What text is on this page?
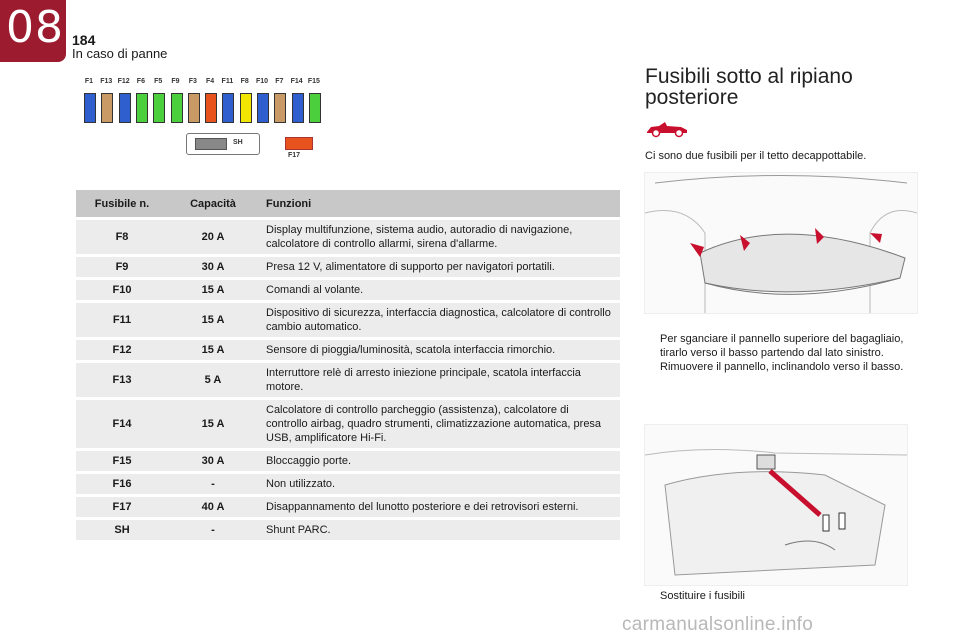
08 184
In caso di panne
SH
F17
F1	F13 F12	F6	F5	F9	F3	F4	F11	F8	F10	F7	F14 F15
Fusibile n.	Capacità	Funzioni
F8	20 A	Display multifunzione, sistema audio, autoradio di navigazione, calcolatore di controllo allarmi, sirena d'allarme.
F9	30 A	Presa 12 V, alimentatore di supporto per navigatori portatili.
F10	15 A	Comandi al volante.
F11	15 A	Dispositivo di sicurezza, interfaccia diagnostica, calcolatore di controllo cambio automatico.
F12	15 A	Sensore di pioggia/luminosità, scatola interfaccia rimorchio.
F13	5 A	Interruttore relè di arresto iniezione principale, scatola interfaccia motore.
F14	15 A	Calcolatore di controllo parcheggio (assistenza), calcolatore di controllo airbag, quadro strumenti, climatizzazione automatica, presa USB, amplificatore Hi-Fi.
F15	30 A	Bloccaggio porte.
F16	-	Non utilizzato.
F17	40 A	Disappannamento del lunotto posteriore e dei retrovisori esterni.
SH	-	Shunt PARC.
Fusibili sotto al ripiano posteriore
Ci sono due fusibili per il tetto decappottabile.
Per sganciare il pannello superiore del bagagliaio, tirarlo verso il basso partendo dal lato sinistro.
Rimuovere il pannello, inclinandolo verso il basso.
Sostituire i fusibili
carmanualsonline.info
